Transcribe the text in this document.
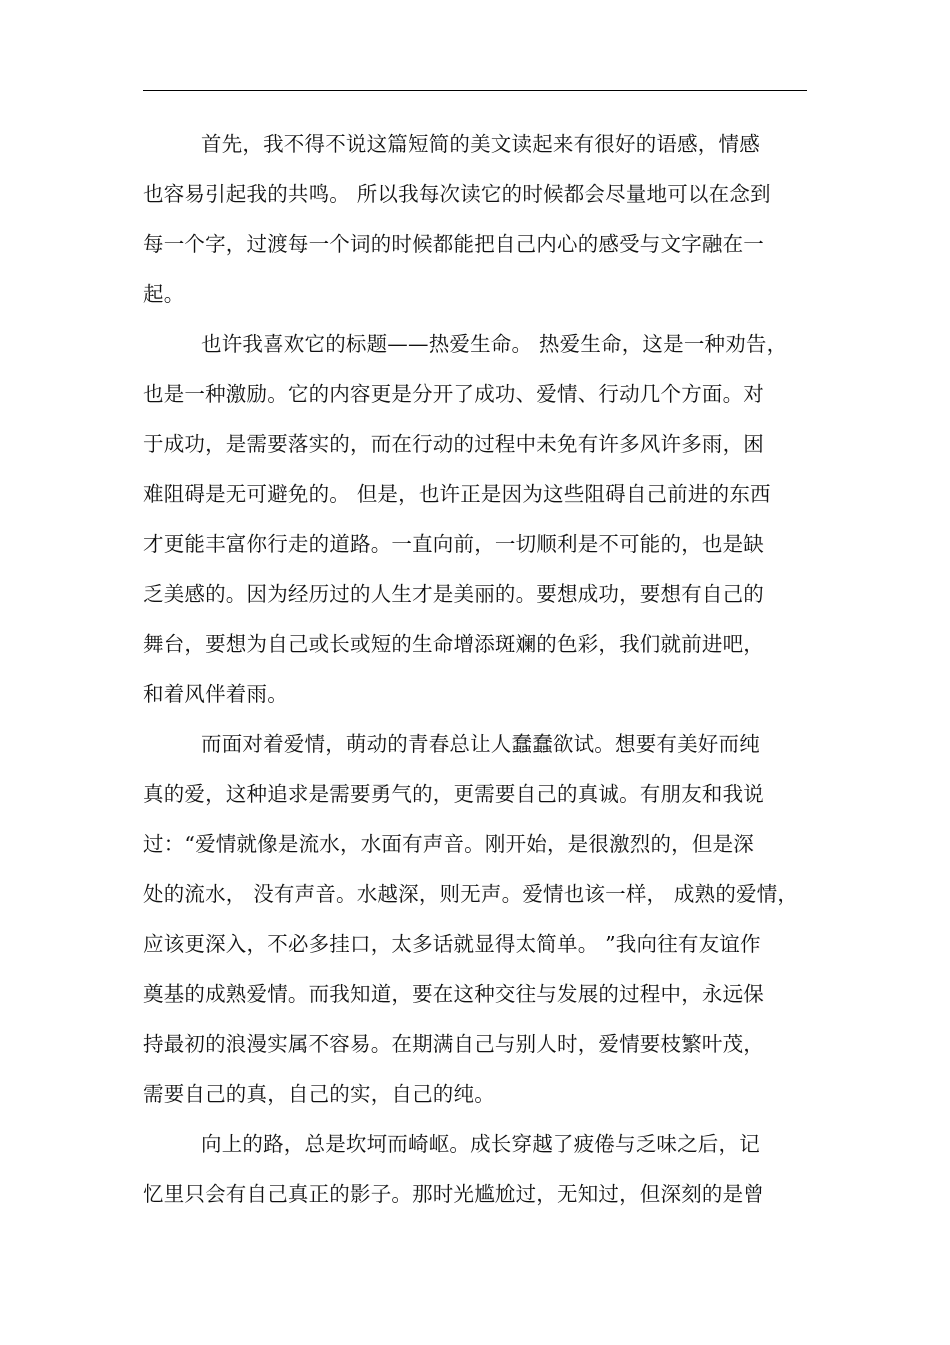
首先，我不得不说这篇短简的美文读起来有很好的语感，情感
也容易引起我的共鸣。 所以我每次读它的时候都会尽量地可以在念到
每一个字，过渡每一个词的时候都能把自己内心的感受与文字融在一
起。
也许我喜欢它的标题——热爱生命。 热爱生命，这是一种劝告，
也是一种激励。它的内容更是分开了成功、爱情、行动几个方面。对
于成功，是需要落实的，而在行动的过程中未免有许多风许多雨，困
难阻碍是无可避免的。 但是，也许正是因为这些阻碍自己前进的东西
才更能丰富你行走的道路。一直向前，一切顺利是不可能的，也是缺
乏美感的。因为经历过的人生才是美丽的。要想成功，要想有自己的
舞台，要想为自己或长或短的生命增添斑斓的色彩，我们就前进吧，
和着风伴着雨。
而面对着爱情，萌动的青春总让人蠢蠢欲试。想要有美好而纯
真的爱，这种追求是需要勇气的，更需要自己的真诚。有朋友和我说
过：“爱情就像是流水，水面有声音。刚开始，是很激烈的，但是深
处的流水， 没有声音。水越深，则无声。爱情也该一样， 成熟的爱情，
应该更深入，不必多挂口，太多话就显得太简单。 ”我向往有友谊作
奠基的成熟爱情。而我知道，要在这种交往与发展的过程中，永远保
持最初的浪漫实属不容易。在期满自己与别人时，爱情要枝繁叶茂，
需要自己的真，自己的实，自己的纯。
向上的路，总是坎坷而崎岖。成长穿越了疲倦与乏味之后，记
忆里只会有自己真正的影子。那时光尴尬过，无知过，但深刻的是曾
